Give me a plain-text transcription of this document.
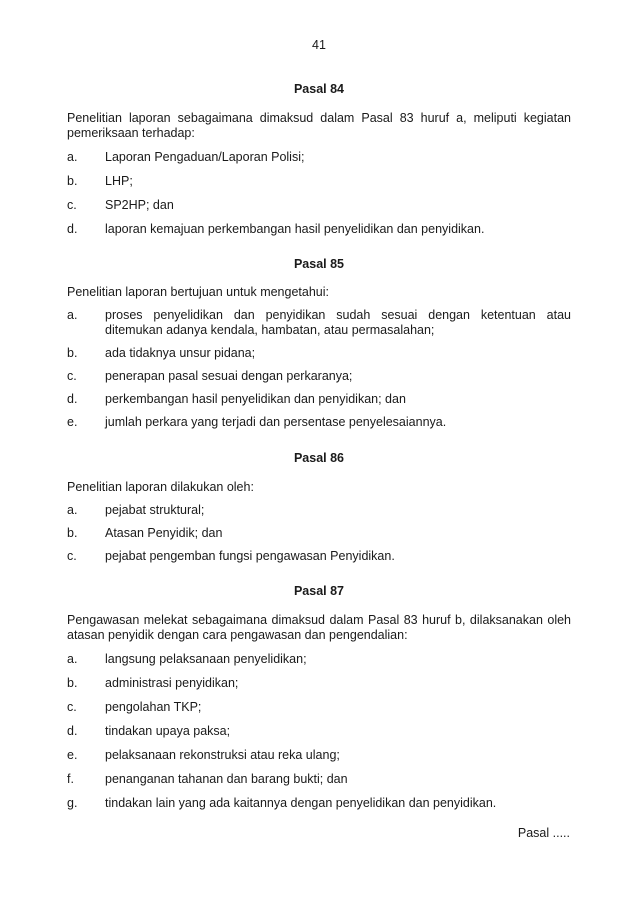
41

Pasal 84

Penelitian laporan sebagaimana dimaksud dalam Pasal 83 huruf a, meliputi kegiatan pemeriksaan terhadap:

a.	Laporan Pengaduan/Laporan Polisi;
b.	LHP;
c.	SP2HP; dan
d.	laporan kemajuan perkembangan hasil penyelidikan dan penyidikan.

Pasal 85

Penelitian laporan bertujuan untuk mengetahui:

a.	proses penyelidikan dan penyidikan sudah sesuai dengan ketentuan atau ditemukan adanya kendala, hambatan, atau permasalahan;
b.	ada tidaknya unsur pidana;
c.	penerapan pasal sesuai dengan perkaranya;
d.	perkembangan hasil penyelidikan dan penyidikan; dan
e.	jumlah perkara yang terjadi dan persentase penyelesaiannya.

Pasal 86

Penelitian laporan dilakukan oleh:

a.	pejabat struktural;
b.	Atasan Penyidik; dan
c.	pejabat pengemban fungsi pengawasan Penyidikan.

Pasal 87

Pengawasan melekat sebagaimana dimaksud dalam Pasal 83 huruf b, dilaksanakan oleh atasan penyidik dengan cara pengawasan dan pengendalian:

a.	langsung pelaksanaan penyelidikan;
b.	administrasi penyidikan;
c.	pengolahan TKP;
d.	tindakan upaya paksa;
e.	pelaksanaan rekonstruksi atau reka ulang;
f.	penanganan tahanan dan barang bukti; dan
g.	tindakan lain yang ada kaitannya dengan penyelidikan dan penyidikan.
Pasal .....
